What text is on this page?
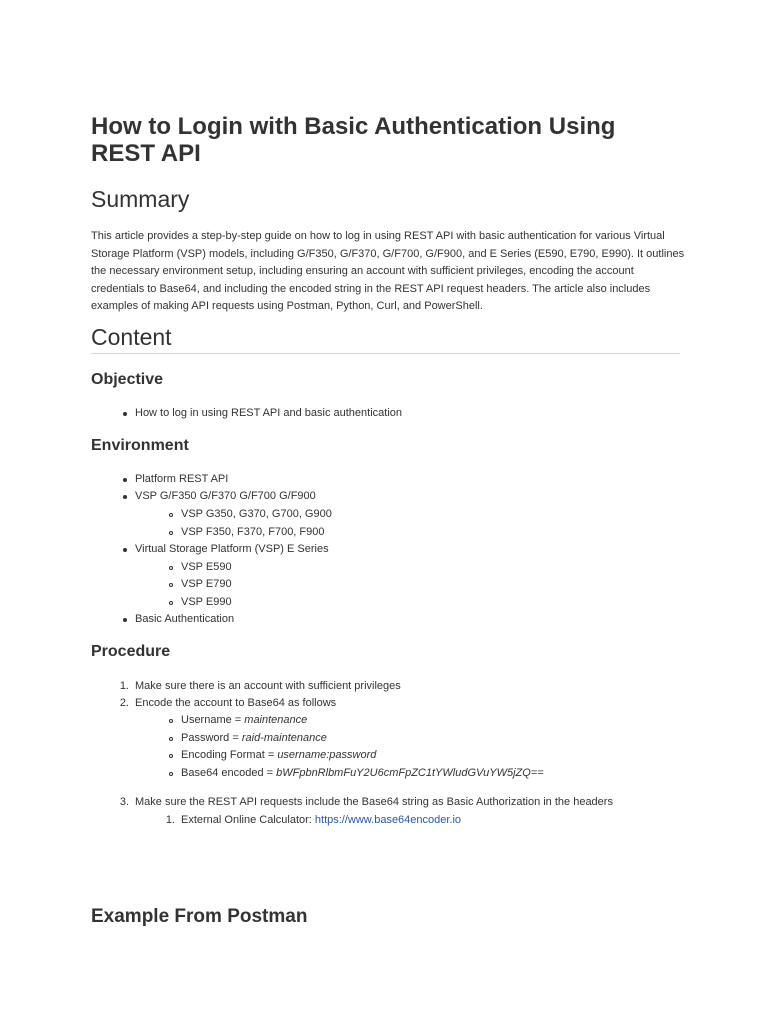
How to Login with Basic Authentication Using REST API
Summary

This article provides a step-by-step guide on how to log in using REST API with basic authentication for various Virtual Storage Platform (VSP) models, including G/F350, G/F370, G/F700, G/F900, and E Series (E590, E790, E990). It outlines the necessary environment setup, including ensuring an account with sufficient privileges, encoding the account credentials to Base64, and including the encoded string in the REST API request headers. The article also includes examples of making API requests using Postman, Python, Curl, and PowerShell.

Content
Objective
How to log in using REST API and basic authentication
Environment
Platform REST API
VSP G/F350 G/F370 G/F700 G/F900
VSP G350, G370, G700, G900
VSP F350, F370, F700, F900
Virtual Storage Platform (VSP) E Series
VSP E590
VSP E790
VSP E990
Basic Authentication
Procedure
1. Make sure there is an account with sufficient privileges
2. Encode the account to Base64 as follows
Username = maintenance
Password = raid-maintenance
Encoding Format = username:password
Base64 encoded = bWFpbnRlbmFuY2U6cmFpZC1tYWludGVuYW5jZQ==
3. Make sure the REST API requests include the Base64 string as Basic Authorization in the headers
1. External Online Calculator: https://www.base64encoder.io
Example From Postman
